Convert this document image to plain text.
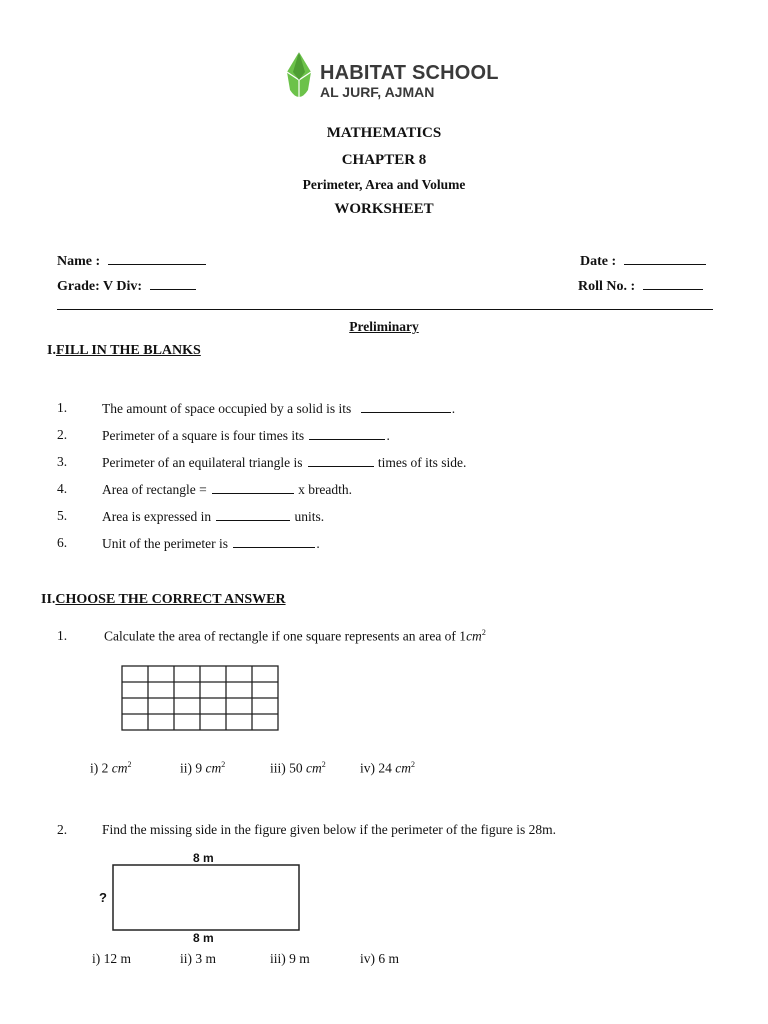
HABITAT SCHOOL
AL JURF, AJMAN
MATHEMATICS
CHAPTER 8
Perimeter, Area and Volume
WORKSHEET
Name :	Date :
Grade: V Div:	Roll No. :
Preliminary
I.FILL IN THE BLANKS
1.	The amount of space occupied by a solid is its	.
2.	Perimeter of a square is four times its	.
3.	Perimeter of an equilateral triangle is	times of its side.
4.	Area of rectangle =	x breadth.
5.	Area is expressed in	units.
6.	Unit of the perimeter is	.
II.CHOOSE THE CORRECT ANSWER
1.	Calculate the area of rectangle if one square represents an area of $1cm^2$
i) 2 $cm^2$	ii) 9 $cm^2$	iii) 50 $cm^2$	iv) 24 $cm^2$
2.	Find the missing side in the figure given below if the perimeter of the figure is 28m.
8 m
?
8 m
i) 12 m	ii) 3 m	iii) 9 m	iv) 6 m
